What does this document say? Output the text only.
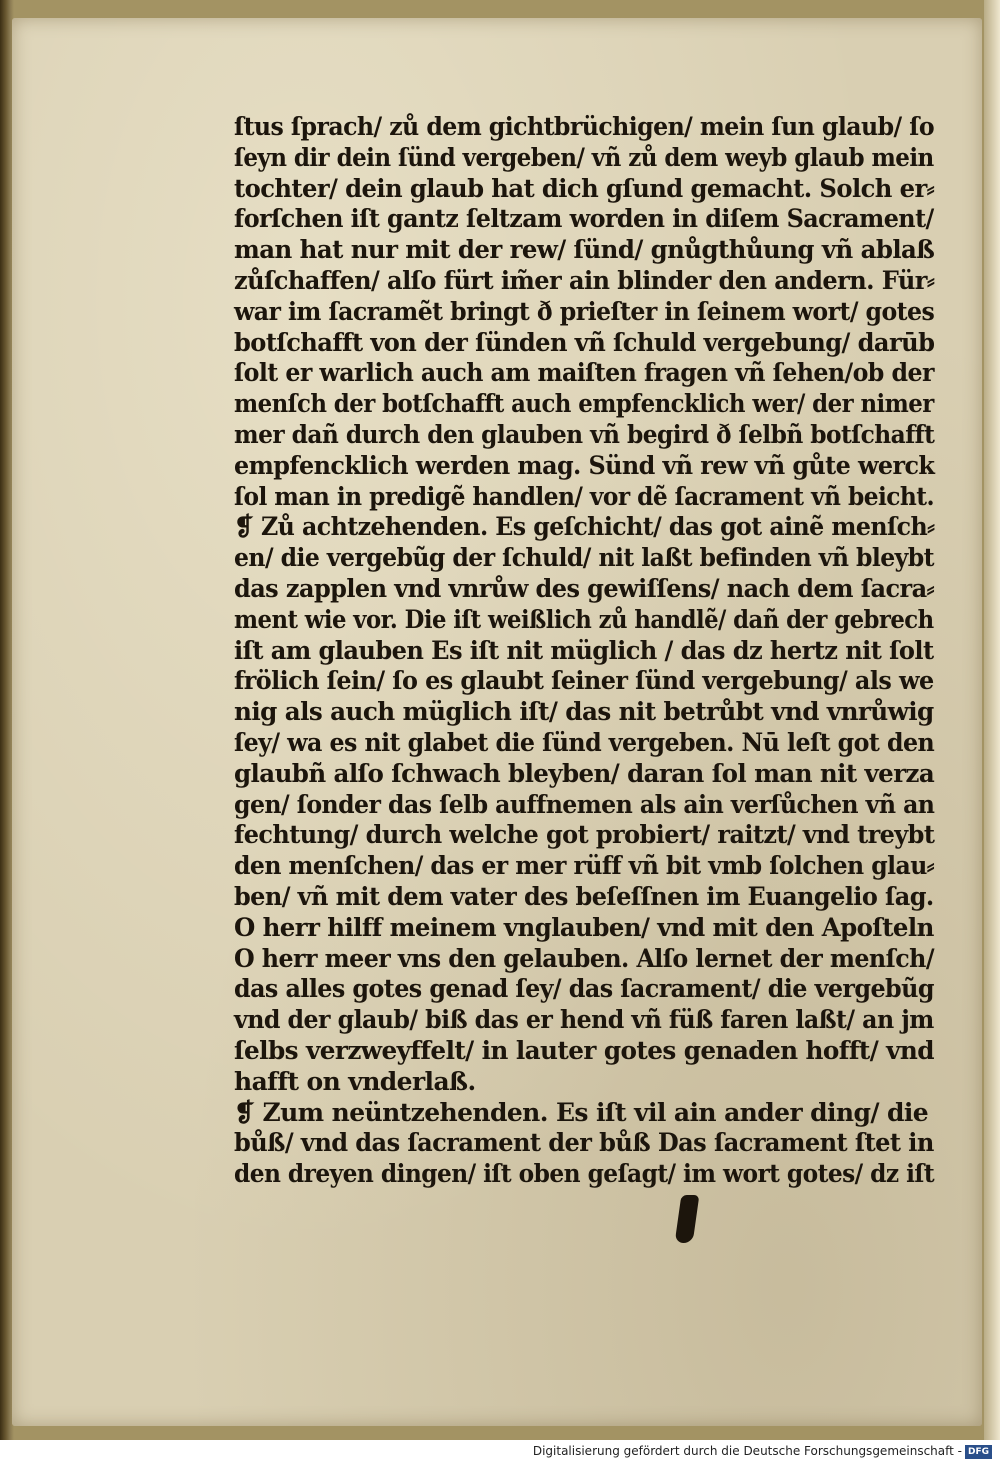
ſtus ſprach/ zů dem gichtbrüchigen/ mein ſun glaub/ ſo
ſeyn dir dein ſünd vergeben/ vñ zů dem weyb glaub mein
tochter/ dein glaub hat dich gſund gemacht. Solch er⸗
forſchen iſt gantz ſeltzam worden in diſem Sacrament/
man hat nur mit der rew/ ſünd/ gnůgthůung vñ ablaß
zůſchaffen/ alſo fürt im̃er ain blinder den andern. Für⸗
war im ſacramẽt bringt ð prieſter in ſeinem wort/ gotes
botſchafft von der ſünden vñ ſchuld vergebung/ darūb
ſolt er warlich auch am maiſten fragen vñ ſehen/ob der
menſch der botſchafft auch empfencklich wer/ der nimer
mer dañ durch den glauben vñ begird ð ſelbñ botſchafft
empfencklich werden mag. Sünd vñ rew vñ gůte werck
ſol man in predigẽ handlen/ vor dẽ ſacrament vñ beicht.
❡ Zů achtzehenden. Es geſchicht/ das got ainẽ menſch⸗
en/ die vergebũg der ſchuld/ nit laßt befinden vñ bleybt
das zapplen vnd vnrůw des gewiſſens/ nach dem ſacra⸗
ment wie vor. Die iſt weißlich zů handlẽ/ dañ der gebrech
iſt am glauben Es iſt nit müglich / das dz hertz nit ſolt
frölich ſein/ ſo es glaubt ſeiner ſünd vergebung/ als we
nig als auch müglich iſt/ das nit betrůbt vnd vnrůwig
ſey/ wa es nit glabet die ſünd vergeben. Nū leſt got den
glaubñ alſo ſchwach bleyben/ daran ſol man nit verza
gen/ ſonder das ſelb auffnemen als ain verſůchen vñ an
fechtung/ durch welche got probiert/ raitzt/ vnd treybt
den menſchen/ das er mer rüff vñ bit vmb ſolchen glau⸗
ben/ vñ mit dem vater des beſeſſnen im Euangelio ſag.
O herr hilff meinem vnglauben/ vnd mit den Apoſteln
O herr meer vns den gelauben. Alſo lernet der menſch/
das alles gotes genad ſey/ das ſacrament/ die vergebũg
vnd der glaub/ biß das er hend vñ füß faren laßt/ an jm
ſelbs verzweyffelt/ in lauter gotes genaden hofft/ vnd
hafft on vnderlaß.
❡ Zum neüntzehenden. Es iſt vil ain ander ding/ die
bůß/ vnd das ſacrament der bůß Das ſacrament ſtet in
den dreyen dingen/ iſt oben geſagt/ im wort gotes/ dz iſt
Digitalisierung gefördert durch die Deutsche Forschungsgemeinschaft - DFG
